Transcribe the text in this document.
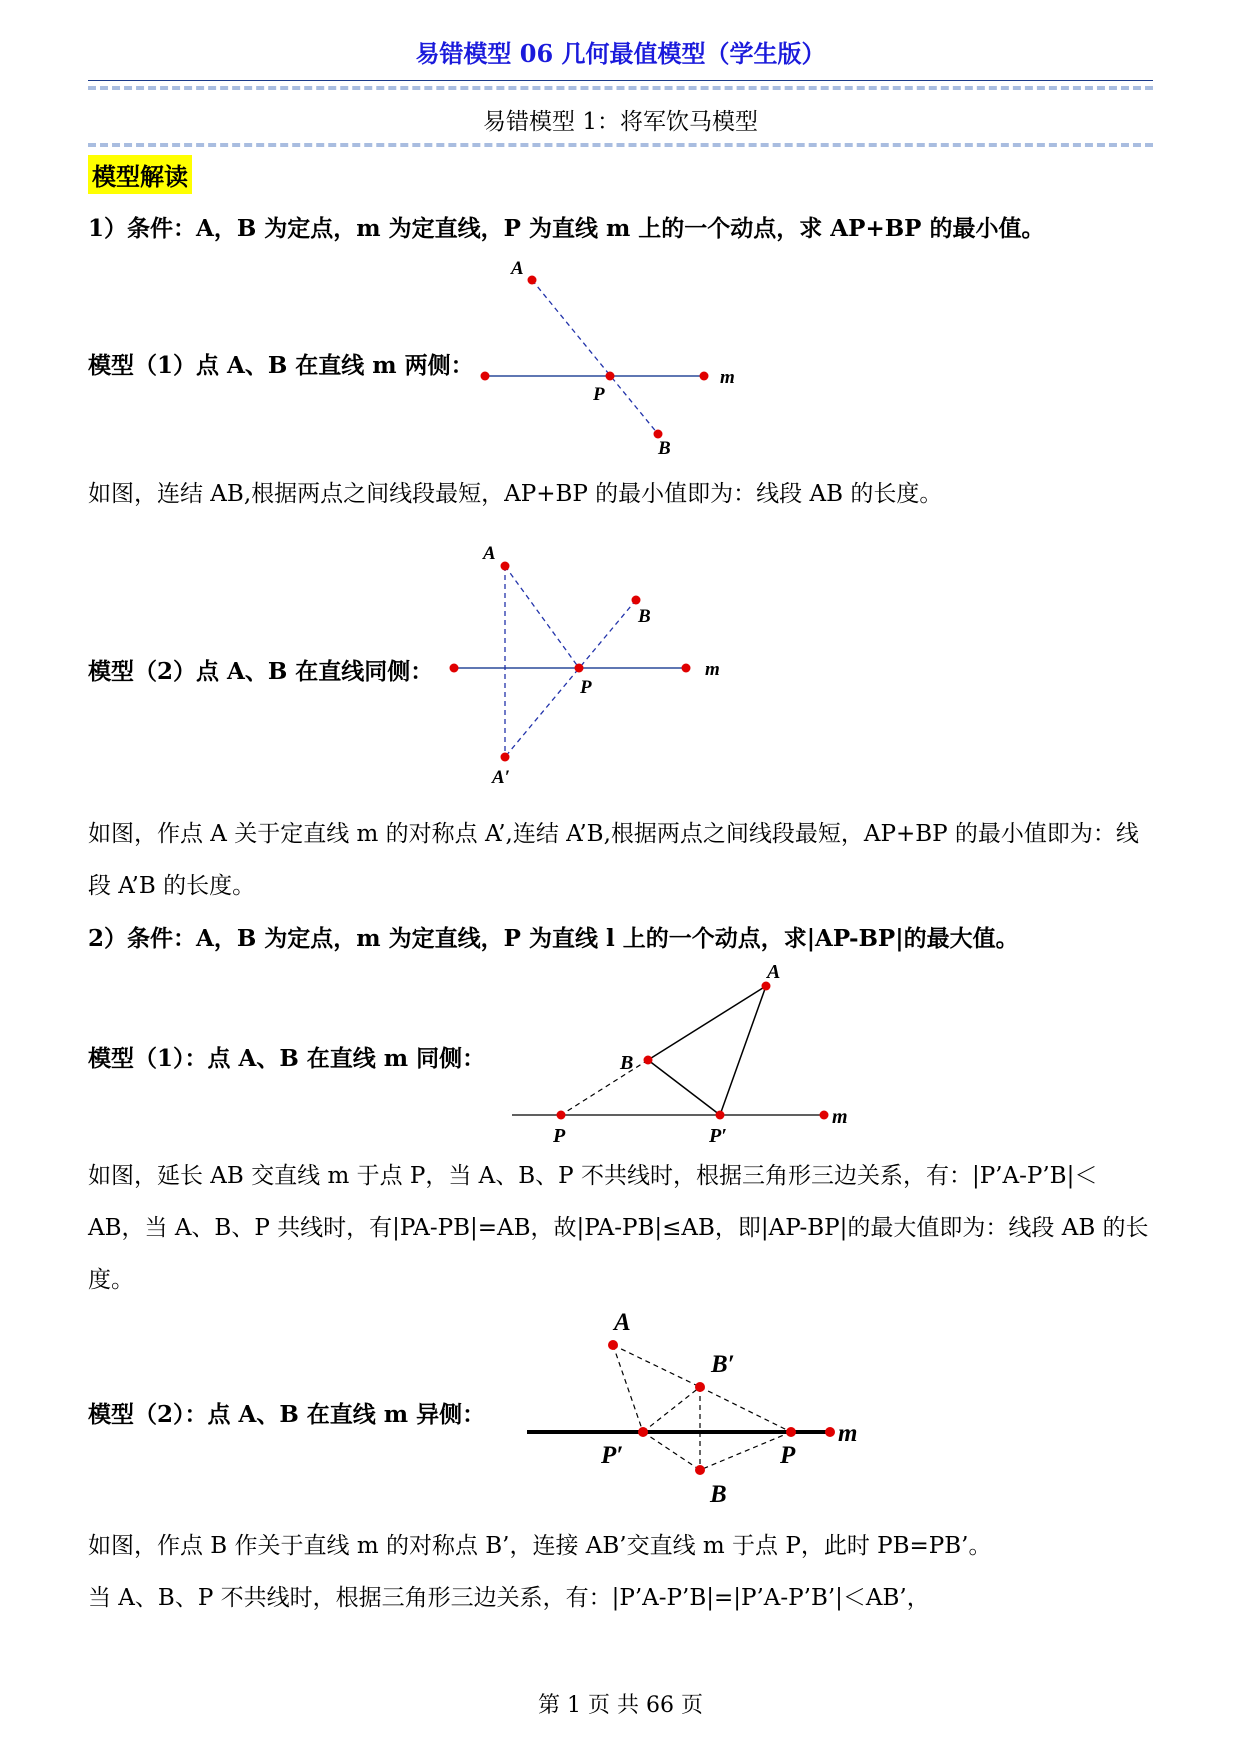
易错模型 06 几何最值模型（学生版）
易错模型 1：将军饮马模型
模型解读
1）条件：A，B 为定点，m 为定直线，P 为直线 m 上的一个动点，求 AP+BP 的最小值。
模型（1）点 A、B 在直线 m 两侧：
A
B
P
m
如图，连结 AB,根据两点之间线段最短，AP+BP 的最小值即为：线段 AB 的长度。
模型（2）点 A、B 在直线同侧：
A
B
P
m
A′
如图，作点 A 关于定直线 m 的对称点 A’,连结 A’B,根据两点之间线段最短，AP+BP 的最小值即为：线段 A’B 的长度。
2）条件：A，B 为定点，m 为定直线，P 为直线 l 上的一个动点，求|AP-BP|的最大值。
模型（1）：点 A、B 在直线 m 同侧：
A
B
P	P′
m
如图，延长 AB 交直线 m 于点 P，当 A、B、P 不共线时，根据三角形三边关系，有：|P’A-P’B|＜AB，当 A、B、P 共线时，有|PA-PB|=AB，故|PA-PB|≤AB，即|AP-BP|的最大值即为：线段 AB 的长度。
模型（2）：点 A、B 在直线 m 异侧：
A
B′
P′	P
m
B
如图，作点 B 作关于直线 m 的对称点 B’，连接 AB’交直线 m 于点 P，此时 PB=PB’。
当 A、B、P 不共线时，根据三角形三边关系，有：|P’A-P’B|=|P’A-P’B’|＜AB’，
第 1 页 共 66 页
